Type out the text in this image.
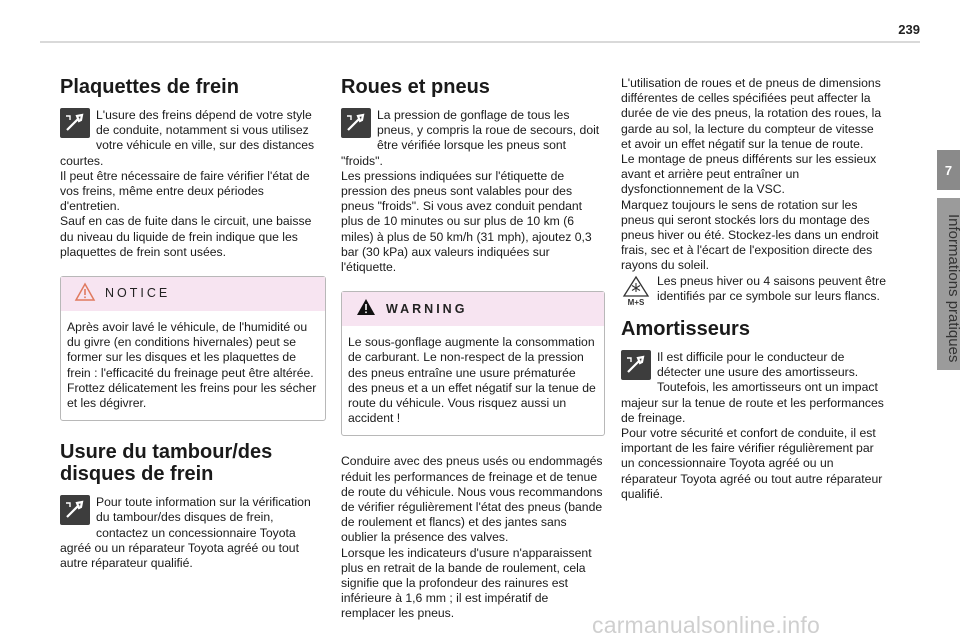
239
7
Informations pratiques
Plaquettes de frein

L'usure des freins dépend de votre style de conduite, notamment si vous utilisez votre véhicule en ville, sur des distances courtes.

Il peut être nécessaire de faire vérifier l'état de vos freins, même entre deux périodes d'entretien.

Sauf en cas de fuite dans le circuit, une baisse du niveau du liquide de frein indique que les plaquettes de frein sont usées.

NOTICE

Après avoir lavé le véhicule, de l'humidité ou du givre (en conditions hivernales) peut se former sur les disques et les plaquettes de frein : l'efficacité du freinage peut être altérée. Frottez délicatement les freins pour les sécher et les dégivrer.

Usure du tambour/des disques de frein

Pour toute information sur la vérification du tambour/des disques de frein, contactez un concessionnaire Toyota agréé ou un réparateur Toyota agréé ou tout autre réparateur qualifié.

Roues et pneus

La pression de gonflage de tous les pneus, y compris la roue de secours, doit être vérifiée lorsque les pneus sont "froids".

Les pressions indiquées sur l'étiquette de pression des pneus sont valables pour des pneus "froids". Si vous avez conduit pendant plus de 10 minutes ou sur plus de 10 km (6 miles) à plus de 50 km/h (31 mph), ajoutez 0,3 bar (30 kPa) aux valeurs indiquées sur l'étiquette.

WARNING

Le sous-gonflage augmente la consommation de carburant. Le non-respect de la pression des pneus entraîne une usure prématurée des pneus et a un effet négatif sur la tenue de route du véhicule. Vous risquez aussi un accident !

Conduire avec des pneus usés ou endommagés réduit les performances de freinage et de tenue de route du véhicule. Nous vous recommandons de vérifier régulièrement l'état des pneus (bande de roulement et flancs) et des jantes sans oublier la présence des valves.

Lorsque les indicateurs d'usure n'apparaissent plus en retrait de la bande de roulement, cela signifie que la profondeur des rainures est inférieure à 1,6 mm ; il est impératif de remplacer les pneus.

L'utilisation de roues et de pneus de dimensions différentes de celles spécifiées peut affecter la durée de vie des pneus, la rotation des roues, la garde au sol, la lecture du compteur de vitesse et avoir un effet négatif sur la tenue de route.

Le montage de pneus différents sur les essieux avant et arrière peut entraîner un dysfonctionnement de la VSC.

Marquez toujours le sens de rotation sur les pneus qui seront stockés lors du montage des pneus hiver ou été. Stockez-les dans un endroit frais, sec et à l'écart de l'exposition directe des rayons du soleil.

M+S

Les pneus hiver ou 4 saisons peuvent être identifiés par ce symbole sur leurs flancs.

Amortisseurs

Il est difficile pour le conducteur de détecter une usure des amortisseurs. Toutefois, les amortisseurs ont un impact majeur sur la tenue de route et les performances de freinage.

Pour votre sécurité et confort de conduite, il est important de les faire vérifier régulièrement par un concessionnaire Toyota agréé ou un réparateur Toyota agréé ou tout autre réparateur qualifié.

carmanualsonline.info
